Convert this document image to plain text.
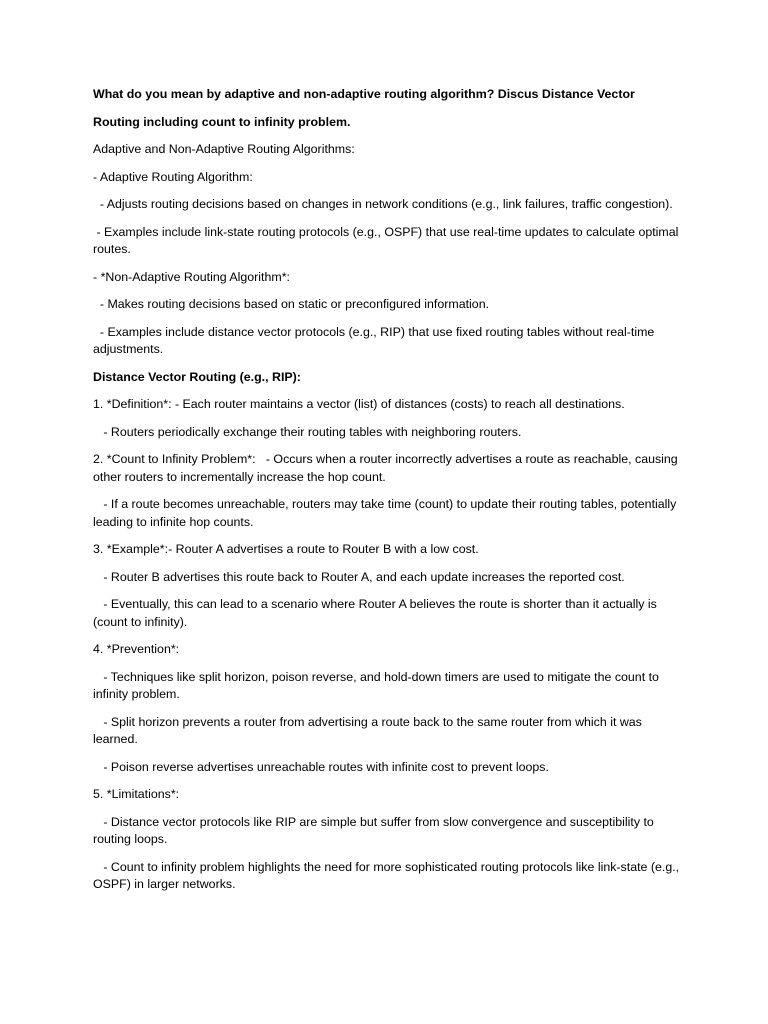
What do you mean by adaptive and non-adaptive routing algorithm? Discus Distance Vector

Routing including count to infinity problem.

Adaptive and Non-Adaptive Routing Algorithms:

- Adaptive Routing Algorithm:

- Adjusts routing decisions based on changes in network conditions (e.g., link failures, traffic congestion).

- Examples include link-state routing protocols (e.g., OSPF) that use real-time updates to calculate optimal routes.

- *Non-Adaptive Routing Algorithm*:

- Makes routing decisions based on static or preconfigured information.

- Examples include distance vector protocols (e.g., RIP) that use fixed routing tables without real-time adjustments.

Distance Vector Routing (e.g., RIP):

1. *Definition*: - Each router maintains a vector (list) of distances (costs) to reach all destinations.

- Routers periodically exchange their routing tables with neighboring routers.

2. *Count to Infinity Problem*:   - Occurs when a router incorrectly advertises a route as reachable, causing other routers to incrementally increase the hop count.

- If a route becomes unreachable, routers may take time (count) to update their routing tables, potentially leading to infinite hop counts.

3. *Example*:- Router A advertises a route to Router B with a low cost.

- Router B advertises this route back to Router A, and each update increases the reported cost.

- Eventually, this can lead to a scenario where Router A believes the route is shorter than it actually is (count to infinity).

4. *Prevention*:

- Techniques like split horizon, poison reverse, and hold-down timers are used to mitigate the count to infinity problem.

- Split horizon prevents a router from advertising a route back to the same router from which it was learned.

- Poison reverse advertises unreachable routes with infinite cost to prevent loops.

5. *Limitations*:

- Distance vector protocols like RIP are simple but suffer from slow convergence and susceptibility to routing loops.

- Count to infinity problem highlights the need for more sophisticated routing protocols like link-state (e.g., OSPF) in larger networks.
